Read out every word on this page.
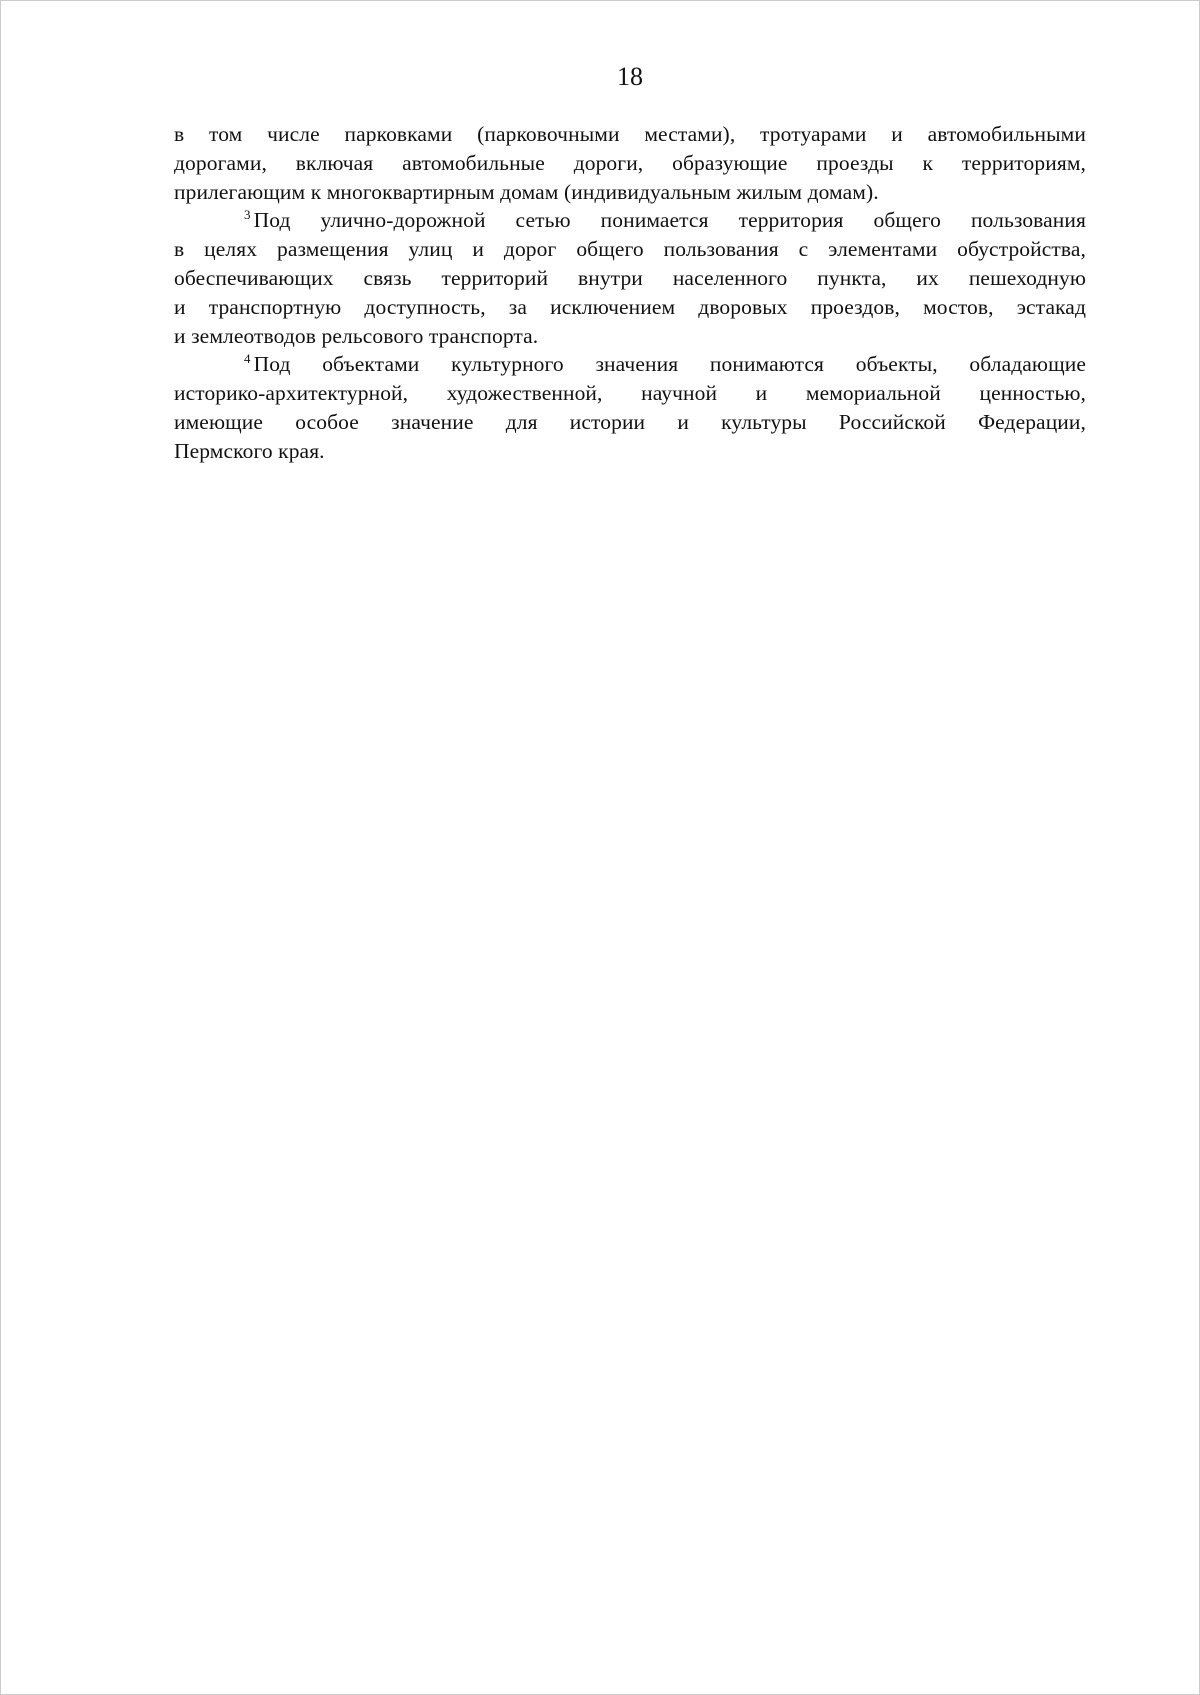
18
в том числе парковками (парковочными местами), тротуарами и автомобильными
дорогами, включая автомобильные дороги, образующие проезды к территориям,
прилегающим к многоквартирным домам (индивидуальным жилым домам).
$^3$ Под улично-дорожной сетью понимается территория общего пользования
в целях размещения улиц и дорог общего пользования с элементами обустройства,
обеспечивающих связь территорий внутри населенного пункта, их пешеходную
и транспортную доступность, за исключением дворовых проездов, мостов, эстакад
и землеотводов рельсового транспорта.
$^4$ Под объектами культурного значения понимаются объекты, обладающие
историко-архитектурной, художественной, научной и мемориальной ценностью,
имеющие особое значение для истории и культуры Российской Федерации,
Пермского края.
